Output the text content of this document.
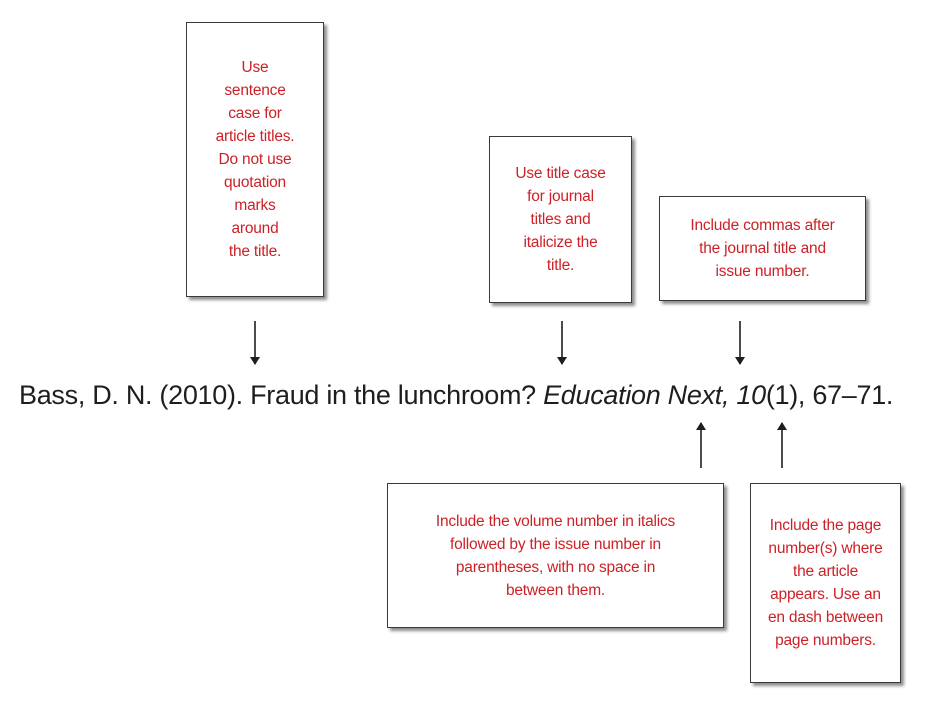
Use
sentence
case for
article titles.
Do not use
quotation
marks
around
the title.
Use title case
for journal
titles and
italicize the
title.
Include commas after
the journal title and
issue number.
Include the volume number in italics
followed by the issue number in
parentheses, with no space in
between them.
Include the page
number(s) where
the article
appears. Use an
en dash between
page numbers.
Bass, D. N. (2010). Fraud in the lunchroom? Education Next, 10(1), 67–71.
